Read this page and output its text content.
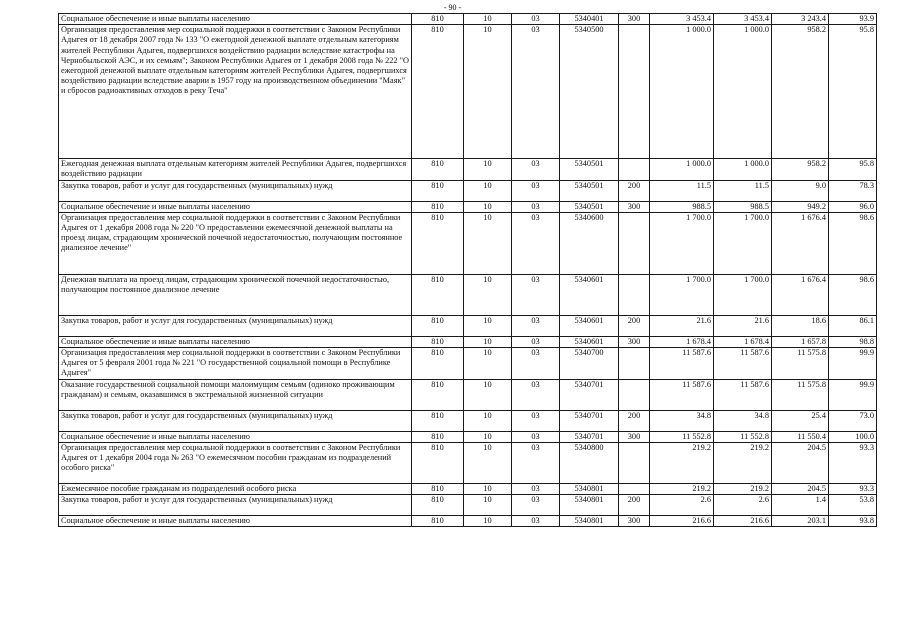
- 90 -
Социальное обеспечение и иные выплаты населению	810	10	03	5340401	300	3 453.4	3 453.4	3 243.4	93.9
Организация предоставления мер социальной поддержки в соответствии с Законом Республики Адыгея от 18 декабря 2007 года № 133 "О ежегодной денежной выплате отдельным категориям жителей Республики Адыгея, подвергшихся воздействию радиации вследствие катастрофы на Чернобыльской АЭС, и их семьям"; Законом Республики Адыгея от 1 декабря 2008 года № 222 "О ежегодной денежной выплате отдельным категориям жителей Республики Адыгея, подвергшихся воздействию радиации вследствие аварии в 1957 году на производственном объединении "Маяк" и сбросов радиоактивных отходов в реку Теча"	810	10	03	5340500		1 000.0	1 000.0	958.2	95.8
Ежегодная денежная выплата отдельным категориям жителей Республики Адыгея, подвергшихся воздействию радиации	810	10	03	5340501		1 000.0	1 000.0	958.2	95.8
Закупка товаров, работ и услуг для государственных (муниципальных) нужд	810	10	03	5340501	200	11.5	11.5	9.0	78.3
Социальное обеспечение и иные выплаты населению	810	10	03	5340501	300	988.5	988.5	949.2	96.0
Организация предоставления мер социальной поддержки в соответствии с Законом Республики Адыгея от 1 декабря 2008 года № 220 "О предоставлении ежемесячной денежной выплаты на проезд лицам, страдающим хронической почечной недостаточностью, получающим постоянное диализное лечение"	810	10	03	5340600		1 700.0	1 700.0	1 676.4	98.6
Денежная выплата на проезд лицам, страдающим хронической почечной недостаточностью, получающим постоянное диализное лечение	810	10	03	5340601		1 700.0	1 700.0	1 676.4	98.6
Закупка товаров, работ и услуг для государственных (муниципальных) нужд	810	10	03	5340601	200	21.6	21.6	18.6	86.1
Социальное обеспечение и иные выплаты населению	810	10	03	5340601	300	1 678.4	1 678.4	1 657.8	98.8
Организация предоставления мер социальной поддержки в соответствии с Законом Республики Адыгея от 5 февраля 2001 года № 221 "О государственной социальной помощи в Республике Адыгея"	810	10	03	5340700		11 587.6	11 587.6	11 575.8	99.9
Оказание государственной социальной помощи малоимущим семьям (одиноко проживающим гражданам) и семьям, оказавшимся в экстремальной жизненной ситуации	810	10	03	5340701		11 587.6	11 587.6	11 575.8	99.9
Закупка товаров, работ и услуг для государственных (муниципальных) нужд	810	10	03	5340701	200	34.8	34.8	25.4	73.0
Социальное обеспечение и иные выплаты населению	810	10	03	5340701	300	11 552.8	11 552.8	11 550.4	100.0
Организация предоставления мер социальной поддержки в соответствии с Законом Республики Адыгея от 1 декабря 2004 года № 263 "О ежемесячном пособии гражданам из подразделений особого риска"	810	10	03	5340800		219.2	219.2	204.5	93.3
Ежемесячное пособие гражданам из подразделений особого риска	810	10	03	5340801		219.2	219.2	204.5	93.3
Закупка товаров, работ и услуг для государственных (муниципальных) нужд	810	10	03	5340801	200	2.6	2.6	1.4	53.8
Социальное обеспечение и иные выплаты населению	810	10	03	5340801	300	216.6	216.6	203.1	93.8
